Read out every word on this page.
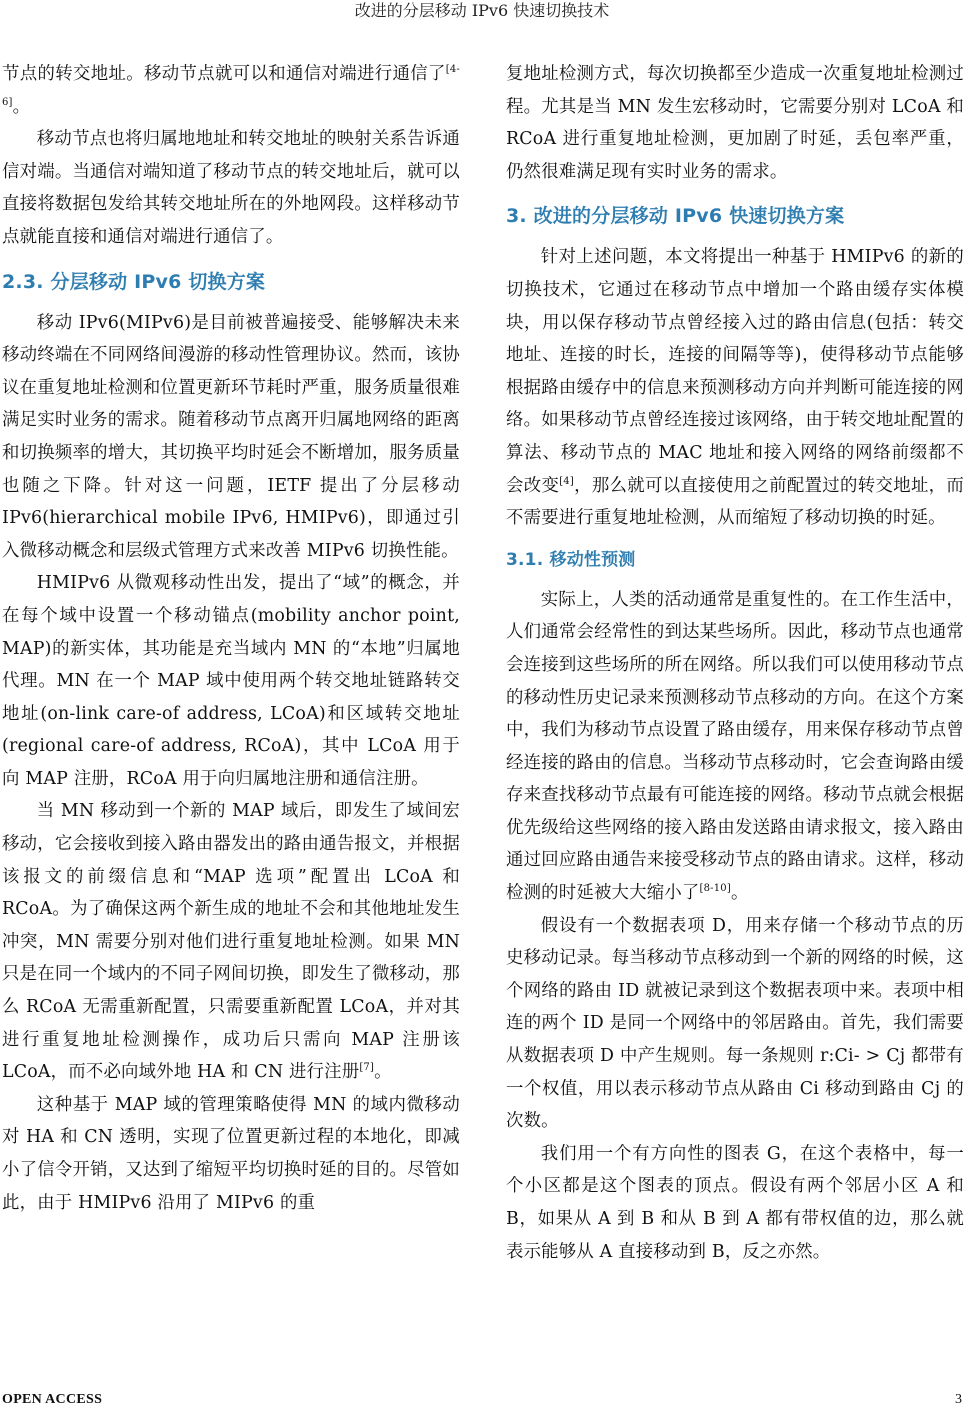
改进的分层移动 IPv6 快速切换技术

节点的转交地址。移动节点就可以和通信对端进行通信了[4-6]。

移动节点也将归属地地址和转交地址的映射关系告诉通信对端。当通信对端知道了移动节点的转交地址后，就可以直接将数据包发给其转交地址所在的外地网段。这样移动节点就能直接和通信对端进行通信了。

2.3. 分层移动 IPv6 切换方案

移动 IPv6(MIPv6)是目前被普遍接受、能够解决未来移动终端在不同网络间漫游的移动性管理协议。然而，该协议在重复地址检测和位置更新环节耗时严重，服务质量很难满足实时业务的需求。随着移动节点离开归属地网络的距离和切换频率的增大，其切换平均时延会不断增加，服务质量也随之下降。针对这一问题，IETF 提出了分层移动 IPv6(hierarchical mobile IPv6, HMIPv6)，即通过引入微移动概念和层级式管理方式来改善 MIPv6 切换性能。

HMIPv6 从微观移动性出发，提出了“域”的概念，并在每个域中设置一个移动锚点(mobility anchor point, MAP)的新实体，其功能是充当域内 MN 的“本地”归属地代理。MN 在一个 MAP 域中使用两个转交地址链路转交地址(on-link care-of address, LCoA)和区域转交地址(regional care-of address, RCoA)，其中 LCoA 用于向 MAP 注册，RCoA 用于向归属地注册和通信注册。

当 MN 移动到一个新的 MAP 域后，即发生了域间宏移动，它会接收到接入路由器发出的路由通告报文，并根据该报文的前缀信息和“MAP 选项”配置出 LCoA 和 RCoA。为了确保这两个新生成的地址不会和其他地址发生冲突，MN 需要分别对他们进行重复地址检测。如果 MN 只是在同一个域内的不同子网间切换，即发生了微移动，那么 RCoA 无需重新配置，只需要重新配置 LCoA，并对其进行重复地址检测操作，成功后只需向 MAP 注册该 LCoA，而不必向域外地 HA 和 CN 进行注册[7]。

这种基于 MAP 域的管理策略使得 MN 的域内微移动对 HA 和 CN 透明，实现了位置更新过程的本地化，即减小了信令开销，又达到了缩短平均切换时延的目的。尽管如此，由于 HMIPv6 沿用了 MIPv6 的重

复地址检测方式，每次切换都至少造成一次重复地址检测过程。尤其是当 MN 发生宏移动时，它需要分别对 LCoA 和 RCoA 进行重复地址检测，更加剧了时延，丢包率严重，仍然很难满足现有实时业务的需求。

3. 改进的分层移动 IPv6 快速切换方案

针对上述问题，本文将提出一种基于 HMIPv6 的新的切换技术，它通过在移动节点中增加一个路由缓存实体模块，用以保存移动节点曾经接入过的路由信息(包括：转交地址、连接的时长，连接的间隔等等)，使得移动节点能够根据路由缓存中的信息来预测移动方向并判断可能连接的网络。如果移动节点曾经连接过该网络，由于转交地址配置的算法、移动节点的 MAC 地址和接入网络的网络前缀都不会改变[4]，那么就可以直接使用之前配置过的转交地址，而不需要进行重复地址检测，从而缩短了移动切换的时延。

3.1. 移动性预测

实际上，人类的活动通常是重复性的。在工作生活中，人们通常会经常性的到达某些场所。因此，移动节点也通常会连接到这些场所的所在网络。所以我们可以使用移动节点的移动性历史记录来预测移动节点移动的方向。在这个方案中，我们为移动节点设置了路由缓存，用来保存移动节点曾经连接的路由的信息。当移动节点移动时，它会查询路由缓存来查找移动节点最有可能连接的网络。移动节点就会根据优先级给这些网络的接入路由发送路由请求报文，接入路由通过回应路由通告来接受移动节点的路由请求。这样，移动检测的时延被大大缩小了[8-10]。

假设有一个数据表项 D，用来存储一个移动节点的历史移动记录。每当移动节点移动到一个新的网络的时候，这个网络的路由 ID 就被记录到这个数据表项中来。表项中相连的两个 ID 是同一个网络中的邻居路由。首先，我们需要从数据表项 D 中产生规则。每一条规则 r:Ci- > Cj 都带有一个权值，用以表示移动节点从路由 Ci 移动到路由 Cj 的次数。

我们用一个有方向性的图表 G，在这个表格中，每一个小区都是这个图表的顶点。假设有两个邻居小区 A 和 B，如果从 A 到 B 和从 B 到 A 都有带权值的边，那么就表示能够从 A 直接移动到 B，反之亦然。

OPEN ACCESS	3
